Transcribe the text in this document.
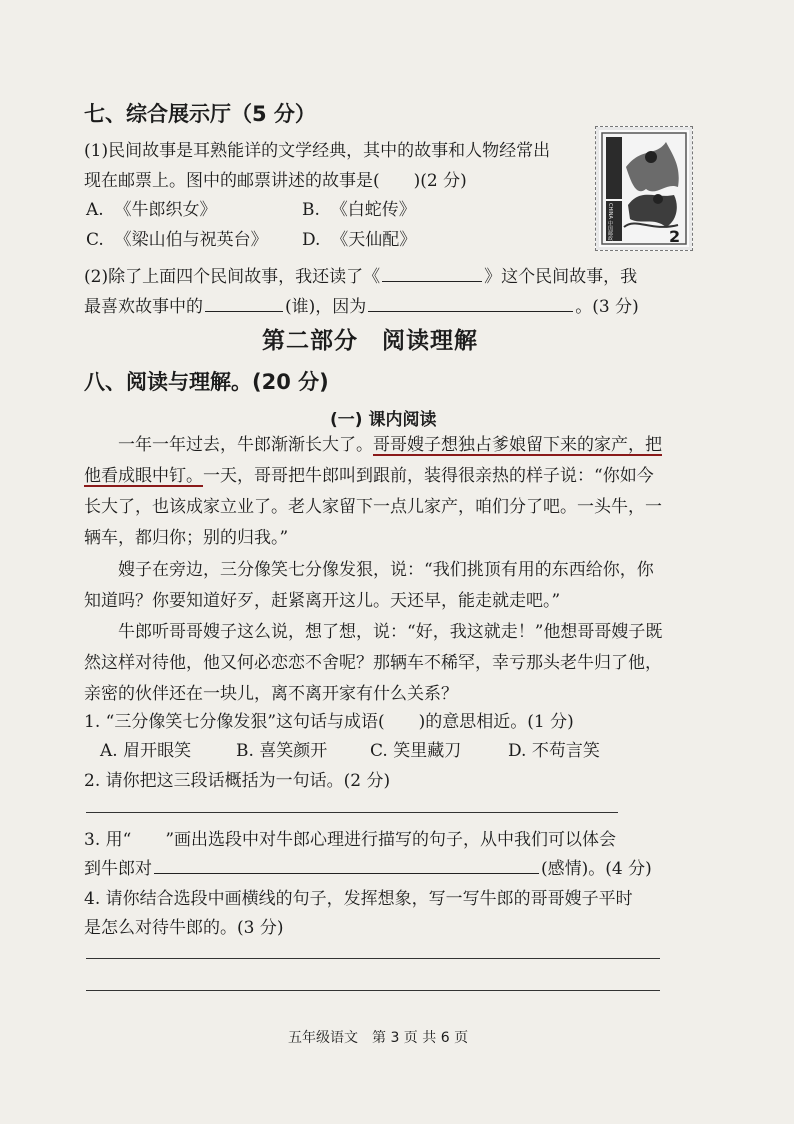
七、综合展示厅（5 分）
(1)民间故事是耳熟能详的文学经典，其中的故事和人物经常出
现在邮票上。图中的邮票讲述的故事是(　　)(2 分)
A. 《牛郎织女》	B. 《白蛇传》
C. 《梁山伯与祝英台》 D. 《天仙配》	2
CHINA 中国邮政
(2)除了上面四个民间故事，我还读了《	》这个民间故事，我
最喜欢故事中的	(谁)，因为	。(3 分)
第二部分　阅读理解
八、阅读与理解。(20 分)
(一) 课内阅读
一年一年过去，牛郎渐渐长大了。哥哥嫂子想独占爹娘留下来的家产，把他看成眼中钉。一天，哥哥把牛郎叫到跟前，装得很亲热的样子说：“你如今长大了，也该成家立业了。老人家留下一点儿家产，咱们分了吧。一头牛，一辆车，都归你；别的归我。”
嫂子在旁边，三分像笑七分像发狠，说：“我们挑顶有用的东西给你，你知道吗？你要知道好歹，赶紧离开这儿。天还早，能走就走吧。”
牛郎听哥哥嫂子这么说，想了想，说：“好，我这就走！”他想哥哥嫂子既然这样对待他，他又何必恋恋不舍呢？那辆车不稀罕，幸亏那头老牛归了他，亲密的伙伴还在一块儿，离不离开家有什么关系？
1. “三分像笑七分像发狠”这句话与成语(　　)的意思相近。(1 分)
A. 眉开眼笑	B. 喜笑颜开	C. 笑里藏刀	D. 不苟言笑
2. 请你把这三段话概括为一句话。(2 分)
3. 用“　　”画出选段中对牛郎心理进行描写的句子，从中我们可以体会
到牛郎对	(感情)。(4 分)
4. 请你结合选段中画横线的句子，发挥想象，写一写牛郎的哥哥嫂子平时
是怎么对待牛郎的。(3 分)
五年级语文　第 3 页 共 6 页
